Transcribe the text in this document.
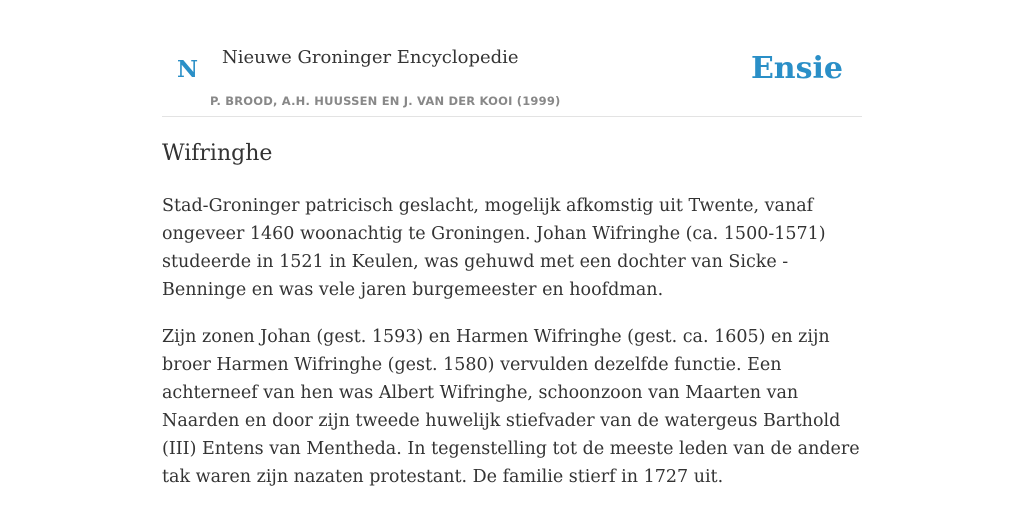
N Nieuwe Groninger Encyclopedie
P. BROOD, A.H. HUUSSEN EN J. VAN DER KOOI (1999)
Ensie
Wifringhe

Stad-Groninger patricisch geslacht, mogelijk afkomstig uit Twente, vanaf ongeveer 1460 woonachtig te Groningen. Johan Wifringhe (ca. 1500-1571) studeerde in 1521 in Keulen, was gehuwd met een dochter van Sicke -Benninge en was vele jaren burgemeester en hoofdman.

Zijn zonen Johan (gest. 1593) en Harmen Wifringhe (gest. ca. 1605) en zijn broer Harmen Wifringhe (gest. 1580) vervulden dezelfde functie. Een achterneef van hen was Albert Wifringhe, schoonzoon van Maarten van Naarden en door zijn tweede huwelijk stiefvader van de watergeus Barthold (III) Entens van Mentheda. In tegenstelling tot de meeste leden van de andere tak waren zijn nazaten protestant. De familie stierf in 1727 uit.
